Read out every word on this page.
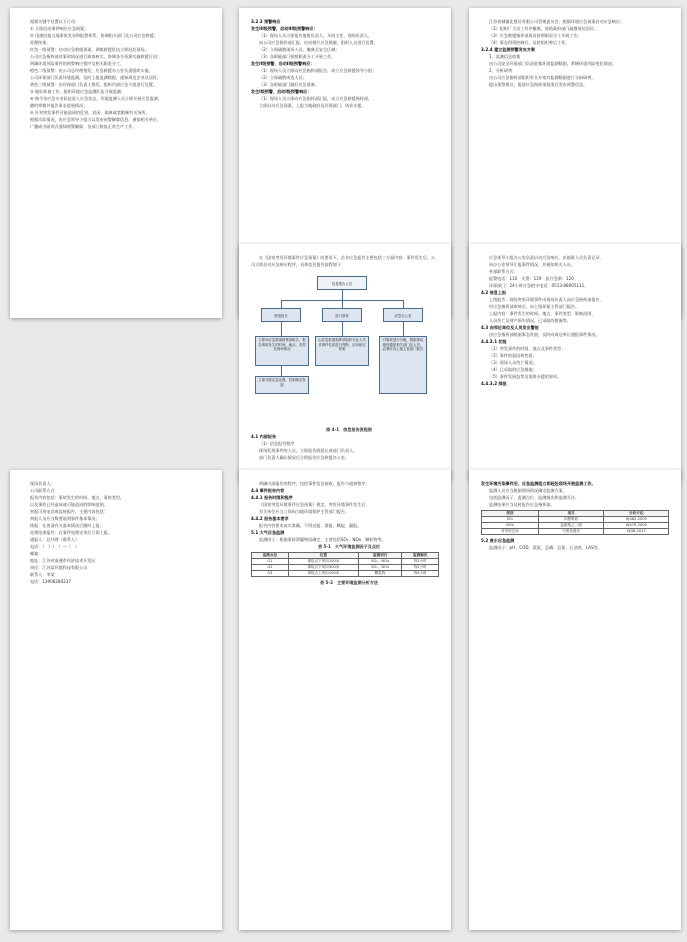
视频关键字设置以下行动：

① 立即启动事件响应应急预案；

② 迅速回报当地事故发布和报警体系，协调相关部门及公司应急救援；

处理结果。

红色一级预警：启动应急救援预案，调集救援队伍立即赶赴现场，

公司应急指挥部对事故情况进行调查核实，协调各方资源实施救援行动；

明确环境风险事件的预警响应程序及相关职责分工。

橙色二级预警：由公司总经理签发，应急救援办公室负责组织实施，

公司环保部门负责环境监测，及时上报监测数据，通知周边企业及居民；

黄色三级预警：由环保部门负责人签发，组织内部应急小组进行处置。

③ 做好准备工作，组织环境应急监测队伍开展监测；

④ 指令各应急专业队伍进入应急状态，环境监测人员立即开展应急监测，

随时掌握并报告事态进展情况；

⑤ 针对突发事件可能造成的危害，封闭、隔离或者限制有关场所。

根据实际情况，由应急领导小组可以发布预警解除信息，通知相关单位，

广播或书面形式通知预警解除，各部门恢复正常生产工作。

3.2.3 预警响应

发生III级预警，启动III级预警响应：

（1）现场人员立即报告值班负责人，车间主任，现场负责人，

向公司应急指挥部汇报，启动相应应急措施，组织人员进行处置。

（2）立即疏散现场人员，撤离至安全区域；

（3）各职能部门按照职责分工开展工作。

发生II级预警，启动II级预警响应：

（1）现场人员立即向应急指挥部报告，成立应急救援领导小组；

（2）立即疏散周边人员；

（3）各职能部门做好应急准备。

发生I级预警，启动I级预警响应：

（1）现场人员立即向应急指挥部汇报，成立应急救援指挥部，

立即启动应急预案，上报当地政府及环保部门，请求支援。

江苏省城镇化建设有限公司管理委员会，根据环境应急预案启动应急响应；

（2）组织广大员工有序撤离，协助政府部门疏散周边居民；

（3）应急救援指挥部成员按照职责分工开展工作；

（4）事态得到控制后，及时组织善后工作。

3.2.4 建立监测预警发布方案

1、监测信息收集

由公司安全环保部门负责收集环境监测数据，掌握环境风险变化情况；

2、分析研判

由公司应急指挥部组织有关专家对监测数据进行分析研判，

提出预警建议，报请应急指挥部批准后发布预警信息。

在《国家突发环境事件应急预案》的要求下，企业应急报告主要包括三方面内容。事件发生后，公司立即启动应急响应程序，具体信息报告流程如下：

信息报告人员
班组组长	部门领导	应急办公室
立即向应急救援指挥部报告，报告事故发生的时间、地点、类型及现场情况
由应急救援指挥部组织专业人员对事件性质进行判断，启动相应预案
对事故进行分级，根据事故级别通知相关部门及人员，必要时向上级主管部门报告
立即开展应急处置，控制事态发展

图 4-1　信息报告流程图

4.1 内部报告

（1）信息报告程序

现场发现事件的人员，立即报告班组长或部门负责人，

部门负责人确认情况后立即报告应急救援办公室。

应急领导小组办公室负责启动应急响应，由值班人员负责记录、

向办公室领导汇报事件情况，并通知相关人员。

外部联系方式：

报警电话：110　火警：119　医疗急救：120

环保部门：24小时应急值守电话：0513-88005111。

4.2 信息上报

上级报告：现场突发环境事件由现场负责人向应急指挥部报告，

经应急指挥部审核后，向上级环保主管部门报告。

上报内容：事件发生的时间、地点、事件类型、影响范围、

人员伤亡及财产损失情况，已采取的措施等。

4.3 向邻近单位及人员发出警报

由应急指挥部根据事态发展，及时向周边单位通报事件情况。

4.4.3.1 初报

（1）突发事件的时间、地点及事件类型；

（2）事件的起因和性质；

（3）现场人员伤亡情况；

（4）已采取的应急措施；

（5）事件发展趋势及需要支援的事项。

4.4.3.2 续报

现场负责人。

公司联系方式

报告内容包括：事故发生的时间、地点、事故类型，

以及事故已经造成或可能造成的影响范围。

初报可用电话或直接报告，主要内容包括：

初报人员应当简要说明事件基本情况；

续报：在查清有关基本情况后随时上报；

处理结果报告：在事件处理完毕后立即上报。

通报人：总经理（联系人）

电话：（　）（　）—（　）

邮箱：

地址：江苏省南通市经济技术开发区

单位：江苏某环境科技有限公司

联系人：李某

电话：13906280237

明确内部报告的程序，包括事件信息接收、报告与通知程序；

4.4 事件报告内容

4.4.1 报告时限和程序

《国家突发环境事件应急预案》规定，突发环境事件发生后，

有关单位应当立即向当地环境保护主管部门报告。

4.4.2 报告基本要求

报告内容要求真实准确，不得迟报、谎报、瞒报、漏报。

5.1 大气应急监测

监测因子：根据事故泄漏物质确定，主要包括SO₂、NOx、颗粒物等。

表 5-1　大气环境监测因子及点位

监测点位	位置	监测项目	监测频次
G1	事故点下风向100米	SO₂、NOx	每2小时
G2	事故点下风向300米	SO₂、NOx	每2小时
G3	事故点上风向100米	颗粒物	每4小时

表 5-2　主要环境监测分析方法

发生环境污染事件后，应急监测组立即赶赴现场开展监测工作。

监测人员应当根据现场情况确定监测方案，

包括监测因子、监测点位、监测频次和监测方法。

监测结果应当及时报告应急指挥部。

类别	项目	分析方法
SO₂	甲醛吸收	HJ482-2009
NOx	盐酸萘乙二胺	HJ479-2009
非甲烷总烃	气相色谱法	HJ38-2017

5.2 废水应急监测

监测因子：pH、COD、氨氮、总磷、总氮、石油类、LAS等。
